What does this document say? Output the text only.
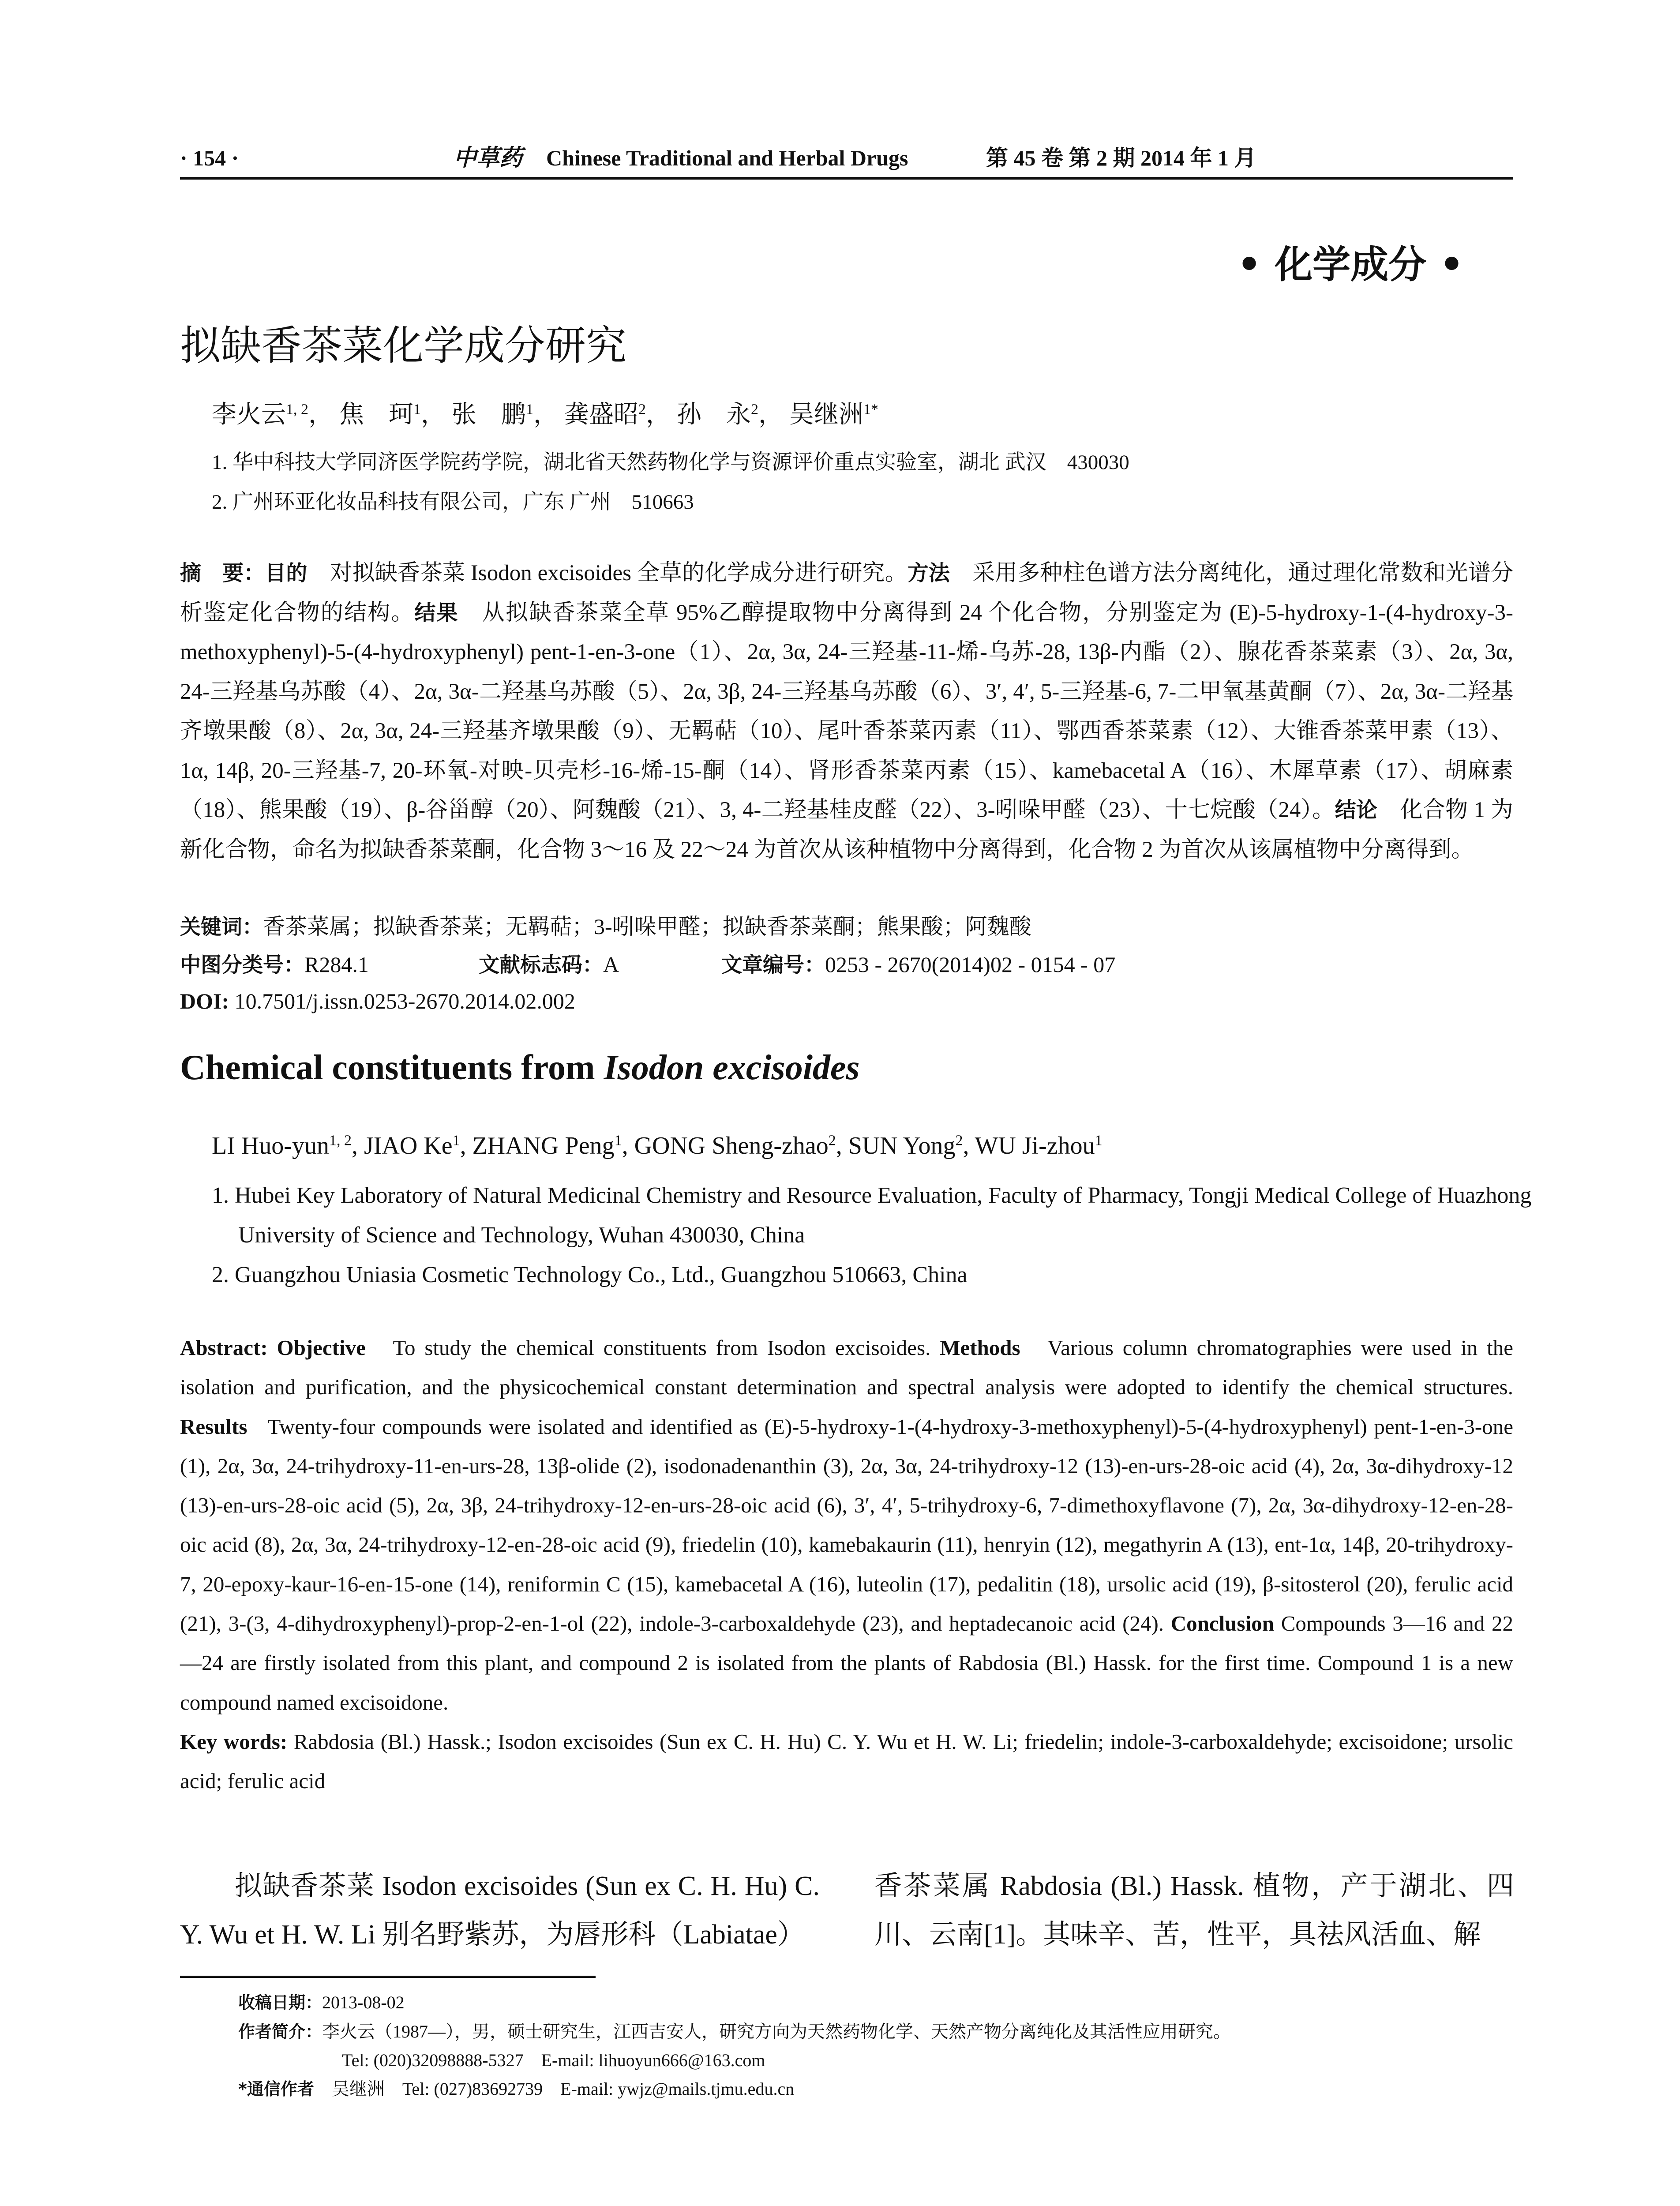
· 154 ·	中草药 Chinese Traditional and Herbal Drugs	第 45 卷 第 2 期 2014 年 1 月
• 化学成分 •
拟缺香茶菜化学成分研究
李火云$^{1, 2}$， 焦　珂$^1$， 张　鹏$^1$， 龚盛昭$^2$， 孙　永$^2$， 吴继洲$^{1*}$
1. 华中科技大学同济医学院药学院，湖北省天然药物化学与资源评价重点实验室，湖北 武汉　430030
2. 广州环亚化妆品科技有限公司，广东 广州　510663
摘　要：目的　 对拟缺香茶菜 Isodon excisoides 全草的化学成分进行研究。方法　 采用多种柱色谱方法分离纯化，通过理化常数和光谱分析鉴定化合物的结构。结果　 从拟缺香茶菜全草 95%乙醇提取物中分离得到 24 个化合物，分别鉴定为 (E)-5-hydroxy-1-(4-hydroxy-3-methoxyphenyl)-5-(4-hydroxyphenyl) pent-1-en-3-one（1）、2α, 3α, 24-三羟基-11-烯-乌苏-28, 13β-内酯（2）、腺花香茶菜素（3）、2α, 3α, 24-三羟基乌苏酸（4）、2α, 3α-二羟基乌苏酸（5）、2α, 3β, 24-三羟基乌苏酸（6）、3′, 4′, 5-三羟基-6, 7-二甲氧基黄酮（7）、2α, 3α-二羟基齐墩果酸（8）、2α, 3α, 24-三羟基齐墩果酸（9）、无羁萜（10）、尾叶香茶菜丙素（11）、鄂西香茶菜素（12）、大锥香茶菜甲素（13）、1α, 14β, 20-三羟基-7, 20-环氧-对映-贝壳杉-16-烯-15-酮（14）、肾形香茶菜丙素（15）、kamebacetal A（16）、木犀草素（17）、胡麻素（18）、熊果酸（19）、β-谷甾醇（20）、阿魏酸（21）、3, 4-二羟基桂皮醛（22）、3-吲哚甲醛（23）、十七烷酸（24）。结论　 化合物 1 为新化合物，命名为拟缺香茶菜酮，化合物 3～16 及 22～24 为首次从该种植物中分离得到，化合物 2 为首次从该属植物中分离得到。
关键词：香茶菜属；拟缺香茶菜；无羁萜；3-吲哚甲醛；拟缺香茶菜酮；熊果酸；阿魏酸
中图分类号：R284.1	文献标志码：A	文章编号：0253 - 2670(2014)02 - 0154 - 07
DOI: 10.7501/j.issn.0253-2670.2014.02.002
Chemical constituents from Isodon excisoides
LI Huo-yun$^{1, 2}$, JIAO Ke$^1$, ZHANG Peng$^1$, GONG Sheng-zhao$^2$, SUN Yong$^2$, WU Ji-zhou$^1$
1. Hubei Key Laboratory of Natural Medicinal Chemistry and Resource Evaluation, Faculty of Pharmacy, Tongji Medical College of Huazhong University of Science and Technology, Wuhan 430030, China
2. Guangzhou Uniasia Cosmetic Technology Co., Ltd., Guangzhou 510663, China
Abstract: Objective To study the chemical constituents from Isodon excisoides. Methods Various column chromatographies were used in the isolation and purification, and the physicochemical constant determination and spectral analysis were adopted to identify the chemical structures. Results Twenty-four compounds were isolated and identified as (E)-5-hydroxy-1-(4-hydroxy-3-methoxyphenyl)-5-(4-hydroxyphenyl) pent-1-en-3-one (1), 2α, 3α, 24-trihydroxy-11-en-urs-28, 13β-olide (2), isodonadenanthin (3), 2α, 3α, 24-trihydroxy-12 (13)-en-urs-28-oic acid (4), 2α, 3α-dihydroxy-12 (13)-en-urs-28-oic acid (5), 2α, 3β, 24-trihydroxy-12-en-urs-28-oic acid (6), 3′, 4′, 5-trihydroxy-6, 7-dimethoxyflavone (7), 2α, 3α-dihydroxy-12-en-28-oic acid (8), 2α, 3α, 24-trihydroxy-12-en-28-oic acid (9), friedelin (10), kamebakaurin (11), henryin (12), megathyrin A (13), ent-1α, 14β, 20-trihydroxy-7, 20-epoxy-kaur-16-en-15-one (14), reniformin C (15), kamebacetal A (16), luteolin (17), pedalitin (18), ursolic acid (19), β-sitosterol (20), ferulic acid (21), 3-(3, 4-dihydroxyphenyl)-prop-2-en-1-ol (22), indole-3-carboxaldehyde (23), and heptadecanoic acid (24). Conclusion Compounds 3—16 and 22—24 are firstly isolated from this plant, and compound 2 is isolated from the plants of Rabdosia (Bl.) Hassk. for the first time. Compound 1 is a new compound named excisoidone.
Key words: Rabdosia (Bl.) Hassk.; Isodon excisoides (Sun ex C. H. Hu) C. Y. Wu et H. W. Li; friedelin; indole-3-carboxaldehyde; excisoidone; ursolic acid; ferulic acid
拟缺香茶菜 Isodon excisoides (Sun ex C. H. Hu) C. Y. Wu et H. W. Li 别名野紫苏，为唇形科（Labiatae）
香茶菜属 Rabdosia (Bl.) Hassk. 植物，产于湖北、四川、云南[1]。其味辛、苦，性平，具祛风活血、解
收稿日期：2013-08-02
作者简介：李火云（1987—），男，硕士研究生，江西吉安人，研究方向为天然药物化学、天然产物分离纯化及其活性应用研究。
Tel: (020)32098888-5327　E-mail: lihuoyun666@163.com
*通信作者　 吴继洲　Tel: (027)83692739　E-mail: ywjz@mails.tjmu.edu.cn
